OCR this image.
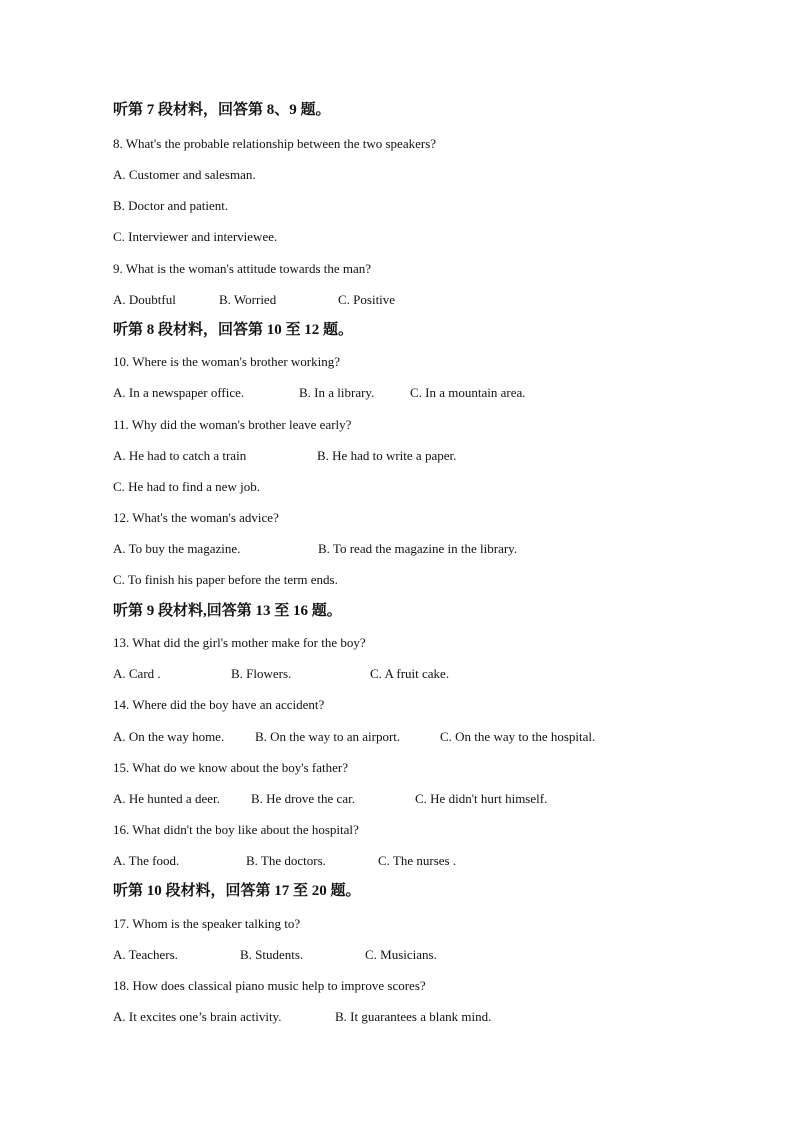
听第 7 段材料，回答第 8、9 题。
8. What's the probable relationship between the two speakers?
A. Customer and salesman.
B. Doctor and patient.
C. Interviewer and interviewee.
9. What is the woman's attitude towards the man?
A. Doubtful	B. Worried	C. Positive
听第 8 段材料，回答第 10 至 12 题。
10. Where is the woman's brother working?
A. In a newspaper office.	B. In a library.	C. In a mountain area.
11. Why did the woman's brother leave early?
A. He had to catch a train	B. He had to write a paper.
C. He had to find a new job.
12. What's the woman's advice?
A. To buy the magazine.	B. To read the magazine in the library.
C. To finish his paper before the term ends.
听第 9 段材料,回答第 13 至 16 题。
13. What did the girl's mother make for the boy?
A. Card .	B. Flowers.	C. A fruit cake.
14. Where did the boy have an accident?
A. On the way home. B. On the way to an airport.	C. On the way to the hospital.
15. What do we know about the boy's father?
A. He hunted a deer. B. He drove the car.	C. He didn't hurt himself.
16. What didn't the boy like about the hospital?
A. The food.	B. The doctors.	C. The nurses .
听第 10 段材料，回答第 17 至 20 题。
17. Whom is the speaker talking to?
A. Teachers.	B. Students.	C. Musicians.
18. How does classical piano music help to improve scores?
A. It excites one’s brain activity.	B. It guarantees a blank mind.
